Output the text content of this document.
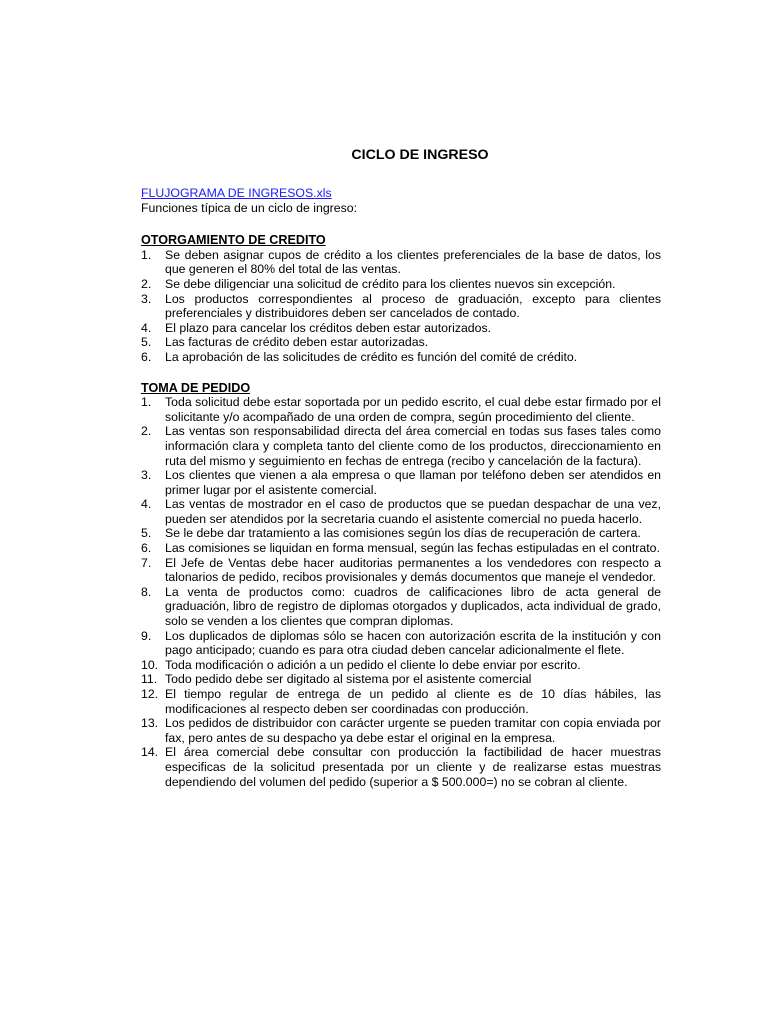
CICLO DE INGRESO
FLUJOGRAMA DE INGRESOS.xls
Funciones típica de un ciclo de ingreso:
OTORGAMIENTO DE CREDITO
1. Se deben asignar cupos de crédito a los clientes preferenciales de la base de datos, los que generen el 80% del total de las ventas.
2. Se debe diligenciar una solicitud de crédito para los clientes nuevos sin excepción.
3. Los productos correspondientes al proceso de graduación, excepto para clientes preferenciales y distribuidores deben ser cancelados de contado.
4. El plazo para cancelar los créditos deben estar autorizados.
5. Las facturas de crédito deben estar autorizadas.
6. La aprobación de las solicitudes de crédito es función del comité de crédito.
TOMA DE PEDIDO
1. Toda solicitud debe estar soportada por un pedido escrito, el cual debe estar firmado por el solicitante y/o acompañado de una orden de compra, según procedimiento del cliente.
2. Las ventas son responsabilidad directa del área comercial en todas sus fases tales como información clara y completa tanto del cliente como de los productos, direccionamiento en ruta del mismo y seguimiento en fechas de entrega (recibo y cancelación de la factura).
3. Los clientes que vienen a ala empresa o que llaman por teléfono deben ser atendidos en primer lugar por el asistente comercial.
4. Las ventas de mostrador en el caso de productos que se puedan despachar de una vez, pueden ser atendidos por la secretaria cuando el asistente comercial no pueda hacerlo.
5. Se le debe dar tratamiento a las comisiones según los días de recuperación de cartera.
6. Las comisiones se liquidan en forma mensual, según las fechas estipuladas en el contrato.
7. El Jefe de Ventas debe hacer auditorias permanentes a los vendedores con respecto a talonarios de pedido, recibos provisionales y demás documentos que maneje el vendedor.
8. La venta de productos como: cuadros de calificaciones libro de acta general de graduación, libro de registro de diplomas otorgados y duplicados, acta individual de grado, solo se venden a los clientes que compran diplomas.
9. Los duplicados de diplomas sólo se hacen con autorización escrita de la institución y con pago anticipado; cuando es para otra ciudad deben cancelar adicionalmente el flete.
10. Toda modificación o adición a un pedido el cliente lo debe enviar por escrito.
11. Todo pedido debe ser digitado al sistema por el asistente comercial
12. El tiempo regular de entrega de un pedido al cliente es de 10 días hábiles, las modificaciones al respecto deben ser coordinadas con producción.
13. Los pedidos de distribuidor con carácter urgente se pueden tramitar con copia enviada por fax, pero antes de su despacho ya debe estar el original en la empresa.
14. El área comercial debe consultar con producción la factibilidad de hacer muestras especificas de la solicitud presentada por un cliente y de realizarse estas muestras dependiendo del volumen del pedido (superior a $ 500.000=) no se cobran al cliente.
